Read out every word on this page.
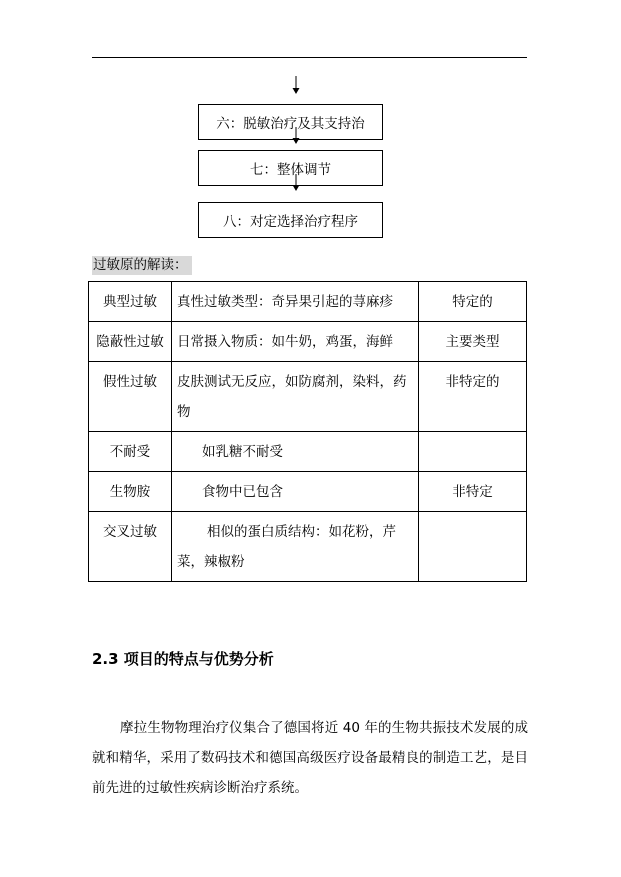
六：脱敏治疗及其支持治
七：整体调节
八：对定选择治疗程序
过敏原的解读：
典型过敏	真性过敏类型：奇异果引起的荨麻疹	特定的
隐蔽性过敏	日常摄入物质：如牛奶，鸡蛋，海鲜	主要类型
假性过敏	皮肤测试无反应，如防腐剂，染料，药物	非特定的
不耐受	如乳糖不耐受	
生物胺	食物中已包含	非特定
交叉过敏	相似的蛋白质结构：如花粉，芹菜，辣椒粉	
2.3 项目的特点与优势分析
摩拉生物物理治疗仪集合了德国将近 40 年的生物共振技术发展的成就和精华，采用了数码技术和德国高级医疗设备最精良的制造工艺，是目前先进的过敏性疾病诊断治疗系统。
